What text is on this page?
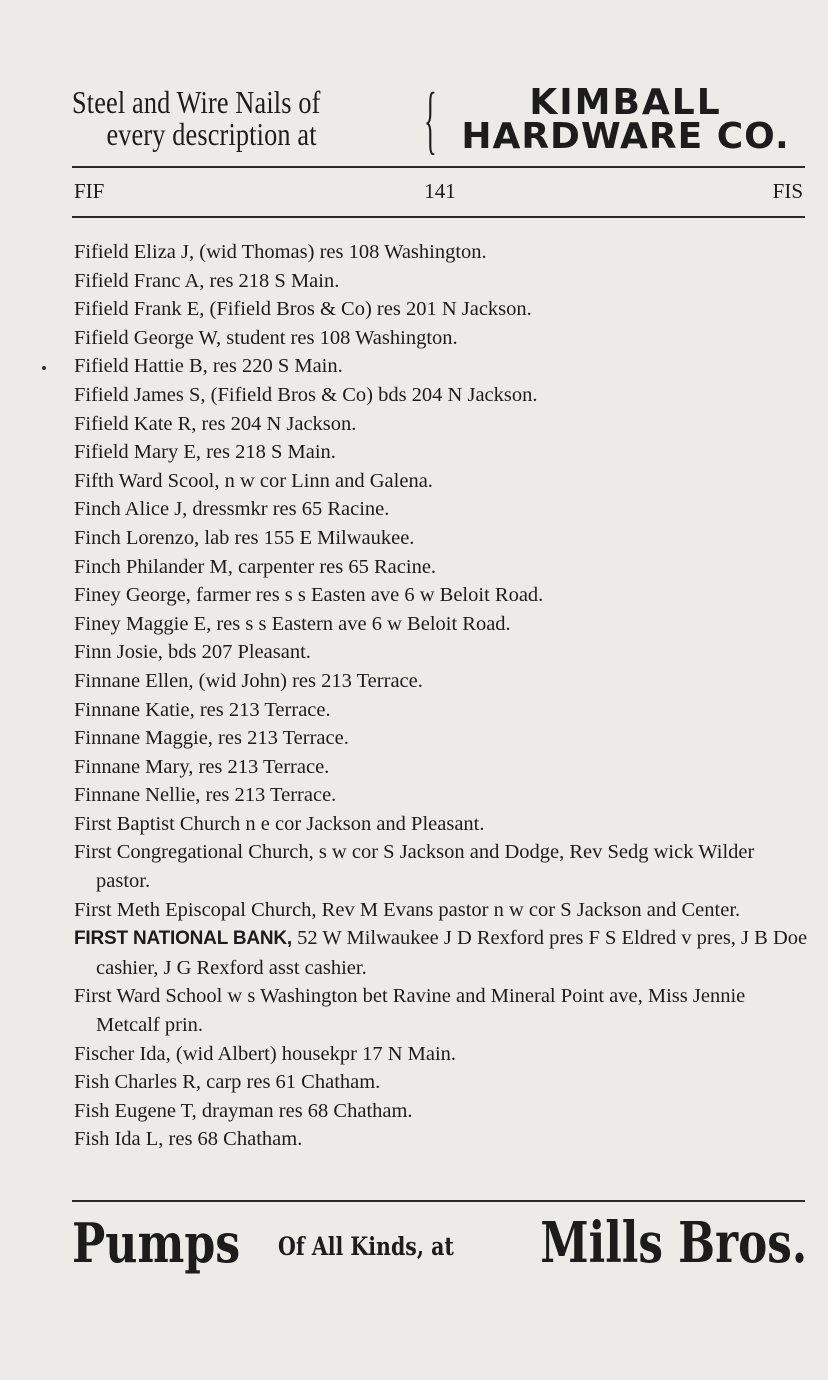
Steel and Wire Nails of
every description at {	KIMBALL
HARDWARE CO.
FIF	141	FIS
Fifield Eliza J, (wid Thomas) res 108 Washington.
Fifield Franc A, res 218 S Main.
Fifield Frank E, (Fifield Bros & Co) res 201 N Jackson.
Fifield George W, student res 108 Washington.
Fifield Hattie B, res 220 S Main.
Fifield James S, (Fifield Bros & Co) bds 204 N Jackson.
Fifield Kate R, res 204 N Jackson.
Fifield Mary E, res 218 S Main.
Fifth Ward Scool, n w cor Linn and Galena.
Finch Alice J, dressmkr res 65 Racine.
Finch Lorenzo, lab res 155 E Milwaukee.
Finch Philander M, carpenter res 65 Racine.
Finey George, farmer res s s Easten ave 6 w Beloit Road.
Finey Maggie E, res s s Eastern ave 6 w Beloit Road.
Finn Josie, bds 207 Pleasant.
Finnane Ellen, (wid John) res 213 Terrace.
Finnane Katie, res 213 Terrace.
Finnane Maggie, res 213 Terrace.
Finnane Mary, res 213 Terrace.
Finnane Nellie, res 213 Terrace.
First Baptist Church n e cor Jackson and Pleasant.
First Congregational Church, s w cor S Jackson and Dodge, Rev Sedg wick Wilder pastor.
First Meth Episcopal Church, Rev M Evans pastor n w cor S Jackson and Center.
FIRST NATIONAL BANK, 52 W Milwaukee J D Rexford pres F S Eldred v pres, J B Doe cashier, J G Rexford asst cashier.
First Ward School w s Washington bet Ravine and Mineral Point ave, Miss Jennie Metcalf prin.
Fischer Ida, (wid Albert) housekpr 17 N Main.
Fish Charles R, carp res 61 Chatham.
Fish Eugene T, drayman res 68 Chatham.
Fish Ida L, res 68 Chatham.
Pumps Of All Kinds, at Mills Bros.
